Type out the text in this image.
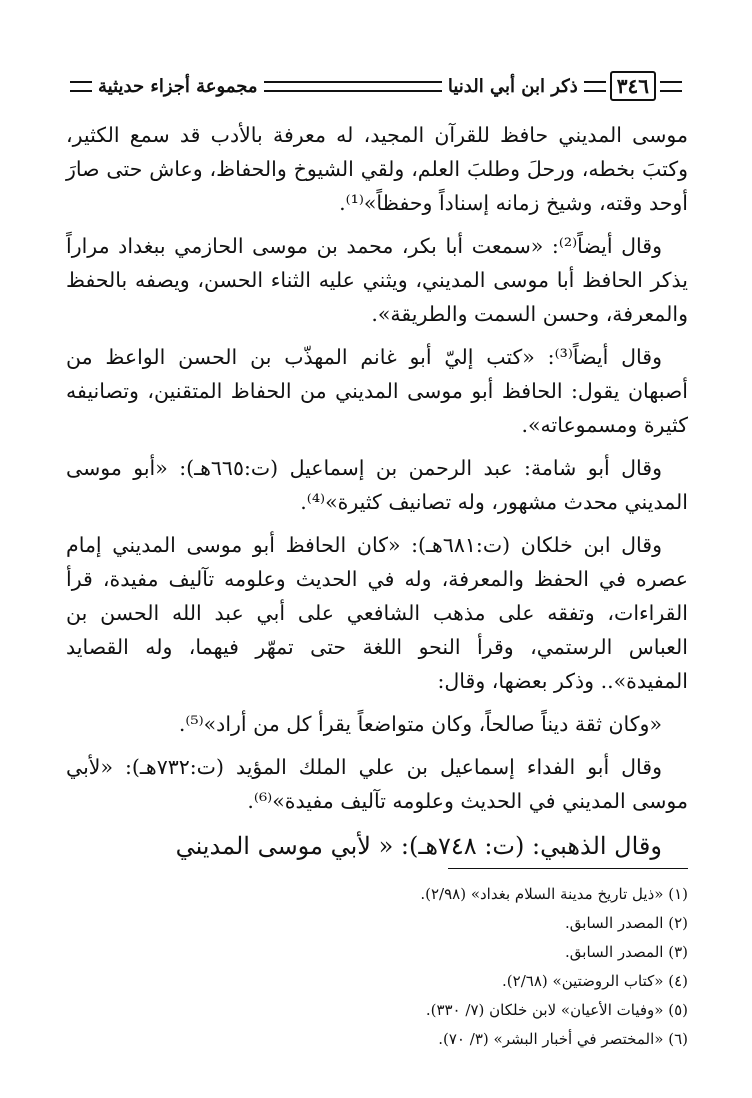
٣٤٦
ذكر ابن أبي الدنيا
مجموعة أجزاء حديثية

موسى المديني حافظ للقرآن المجيد، له معرفة بالأدب قد سمع الكثير، وكتبَ بخطه، ورحلَ وطلبَ العلم، ولقي الشيوخ والحفاظ، وعاش حتى صارَ أوحد وقته، وشيخ زمانه إسناداً وحفظاً»⁽¹⁾.

وقال أيضاً⁽²⁾: «سمعت أبا بكر، محمد بن موسى الحازمي ببغداد مراراً يذكر الحافظ أبا موسى المديني، ويثني عليه الثناء الحسن، ويصفه بالحفظ والمعرفة، وحسن السمت والطريقة».

وقال أيضاً⁽³⁾: «كتب إليّ أبو غانم المهذّب بن الحسن الواعظ من أصبهان يقول: الحافظ أبو موسى المديني من الحفاظ المتقنين، وتصانيفه كثيرة ومسموعاته».

وقال أبو شامة: عبد الرحمن بن إسماعيل (ت:٦٦٥هـ): «أبو موسى المديني محدث مشهور، وله تصانيف كثيرة»⁽⁴⁾.

وقال ابن خلكان (ت:٦٨١هـ): «كان الحافظ أبو موسى المديني إمام عصره في الحفظ والمعرفة، وله في الحديث وعلومه تآليف مفيدة، قرأ القراءات، وتفقه على مذهب الشافعي على أبي عبد الله الحسن بن العباس الرستمي، وقرأ النحو اللغة حتى تمهّر فيهما، وله القصايد المفيدة».. وذكر بعضها، وقال:

«وكان ثقة ديناً صالحاً، وكان متواضعاً يقرأ كل من أراد»⁽⁵⁾.

وقال أبو الفداء إسماعيل بن علي الملك المؤيد (ت:٧٣٢هـ): «لأبي موسى المديني في الحديث وعلومه تآليف مفيدة»⁽⁶⁾.

وقال الذهبي: (ت: ٧٤٨هـ): « لأبي موسى المديني

(١) «ذيل تاريخ مدينة السلام بغداد» (٢/٩٨).

(٢) المصدر السابق.

(٣) المصدر السابق.

(٤) «كتاب الروضتين» (٢/٦٨).

(٥) «وفيات الأعيان» لابن خلكان (٧/ ٣٣٠).

(٦) «المختصر في أخبار البشر» (٣/ ٧٠).
